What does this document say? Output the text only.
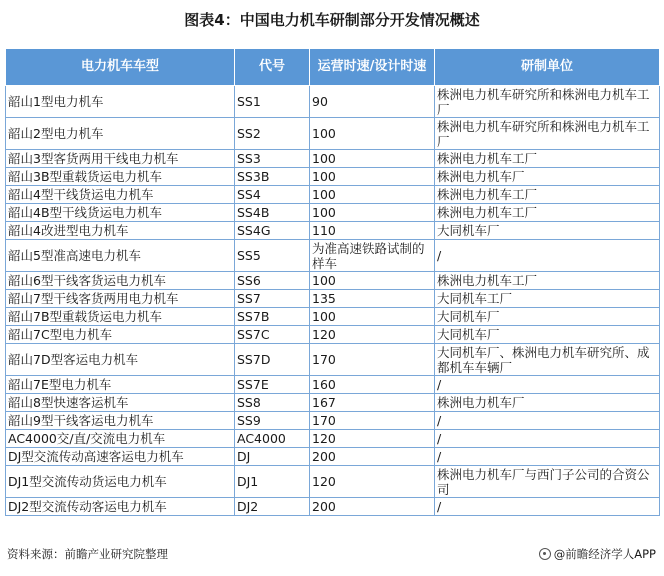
图表4：中国电力机车研制部分开发情况概述
电力机车车型	代号	运营时速/设计时速	研制单位
韶山1型电力机车	SS1	90	株洲电力机车研究所和株洲电力机车工厂
韶山2型电力机车	SS2	100	株洲电力机车研究所和株洲电力机车工厂
韶山3型客货两用干线电力机车	SS3	100	株洲电力机车工厂
韶山3B型重载货运电力机车	SS3B	100	株洲电力机车厂
韶山4型干线货运电力机车	SS4	100	株洲电力机车工厂
韶山4B型干线货运电力机车	SS4B	100	株洲电力机车工厂
韶山4改进型电力机车	SS4G	110	大同机车厂
韶山5型准高速电力机车	SS5	为准高速铁路试制的样车	/
韶山6型干线客货运电力机车	SS6	100	株洲电力机车工厂
韶山7型干线客货两用电力机车	SS7	135	大同机车工厂
韶山7B型重载货运电力机车	SS7B	100	大同机车厂
韶山7C型电力机车	SS7C	120	大同机车厂
韶山7D型客运电力机车	SS7D	170	大同机车厂、株洲电力机车研究所、成都机车车辆厂
韶山7E型电力机车	SS7E	160	/
韶山8型快速客运机车	SS8	167	株洲电力机车厂
韶山9型干线客运电力机车	SS9	170	/
AC4000交/直/交流电力机车	AC4000	120	/
DJ型交流传动高速客运电力机车	DJ	200	/
DJ1型交流传动货运电力机车	DJ1	120	株洲电力机车厂与西门子公司的合资公司
DJ2型交流传动客运电力机车	DJ2	200	/
资料来源：前瞻产业研究院整理	@前瞻经济学人APP
